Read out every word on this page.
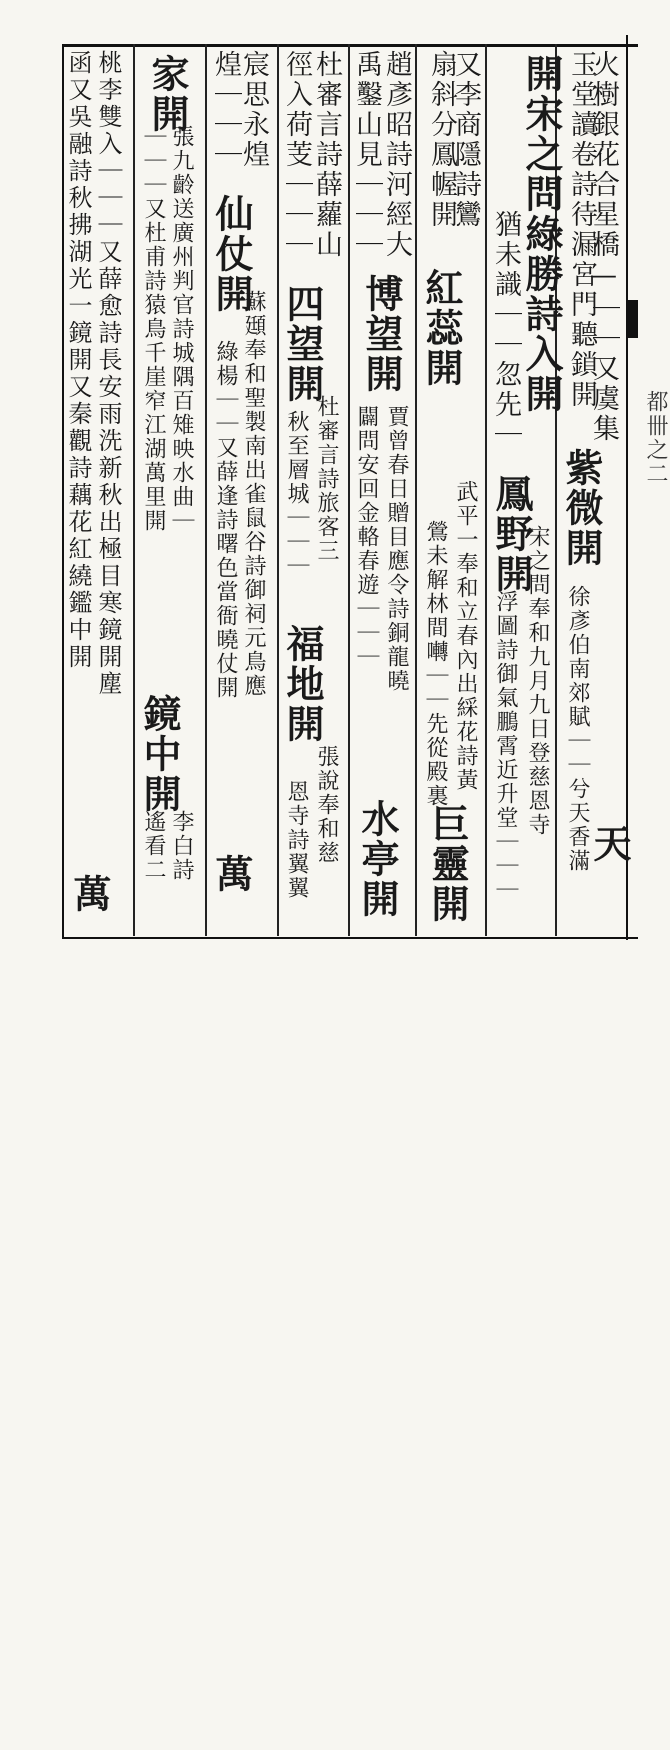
都卌之二
火樹銀花合星橋—｜｜又虞集
玉堂讀卷詩待漏宮門聽鎖開 紫微開
徐彥伯南郊賦｜｜兮天香滿
天
開宋之問綠勝詩入開
猶未識｜｜忽先｜
鳳野開
宋之問奉和九月九日登慈恩寺
浮圖詩御氣鵬霄近升堂｜｜｜
又李商隱詩鸞
扇斜分鳳幄開 紅蕊開
武平一奉和立春內出綵花詩黃
鶯未解林間囀｜｜先從殿裏
巨靈開
趙彥昭詩河經大
禹鑿山見｜｜｜
博望開
賈曾春日贈目應令詩銅龍曉
闢問安回金輅春遊｜｜｜
水亭開
杜審言詩薛蘿山
徑入荷芰｜｜｜
四望開
杜審言詩旅客三
秋至層城｜｜｜
福地開
張說奉和慈
恩寺詩翼翼
宸思永煌
仙仗開
蘇頲奉和聖製南出雀鼠谷詩御祠元鳥應
煌｜｜｜
綠楊｜｜又薛逢詩曙色當衙曉仗開
萬
家開
張九齡送廣州判官詩城隅百雉映水曲｜
｜｜｜又杜甫詩猿鳥千崖窄江湖萬里開
鏡中開
李白詩
遙看二
桃李雙入｜｜｜又薛愈詩長安雨洗新秋出極目寒鏡開塵
函又吳融詩秋拂湖光一鏡開又秦觀詩藕花紅繞鑑中開
萬
